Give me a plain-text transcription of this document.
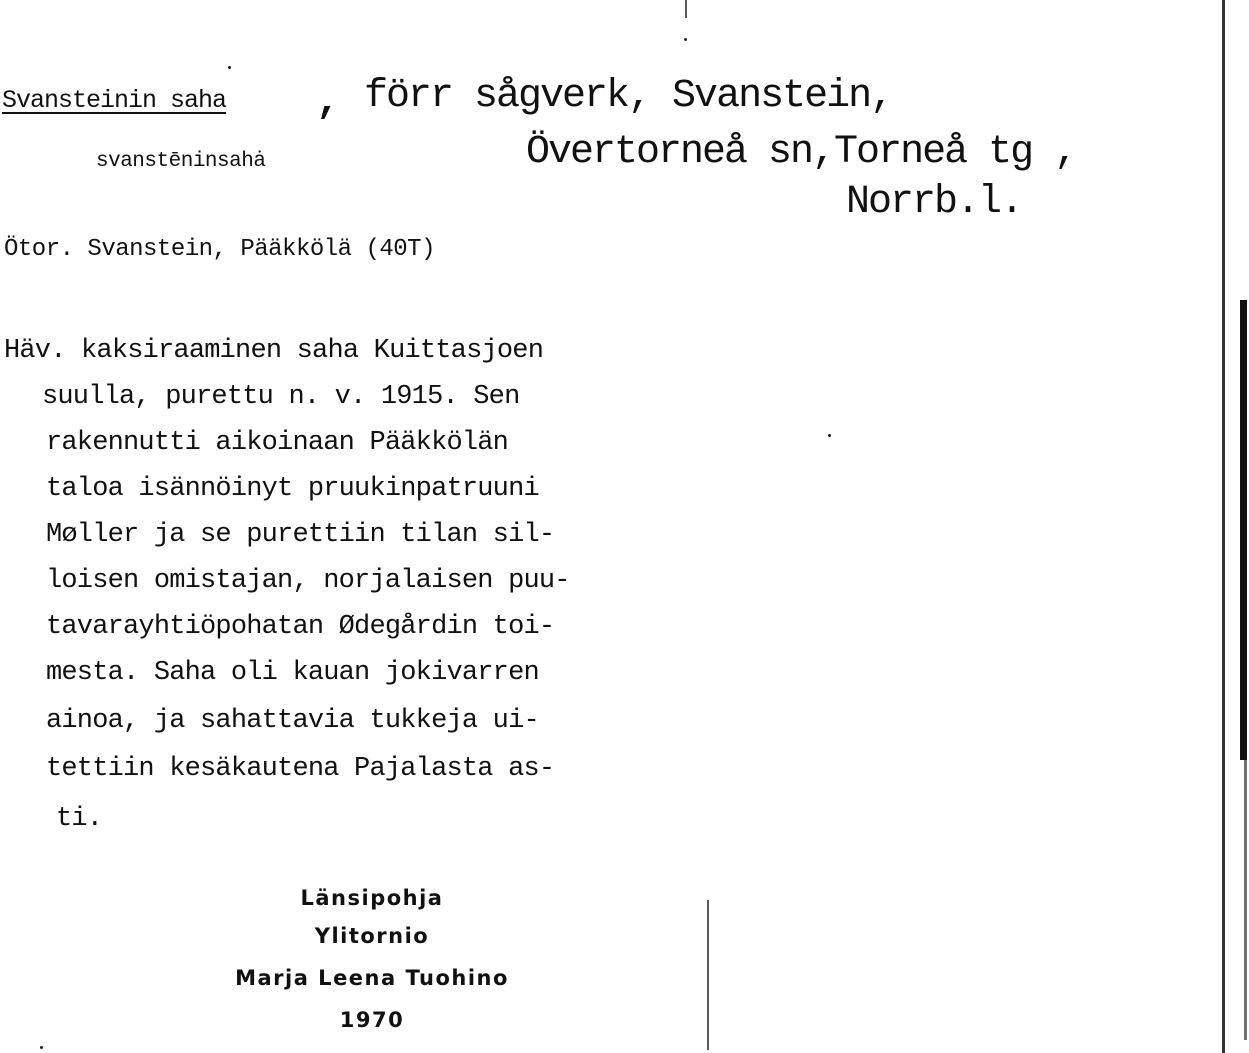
Svansteinin saha ,
svanstēninsahȧ
förr sågverk, Svanstein,
Övertorneå sn,Torneå tg ,
Norrb.l.
Ötor. Svanstein, Pääkkölä (40T)
Häv. kaksiraaminen saha Kuittasjoen
suulla, purettu n. v. 1915. Sen
rakennutti aikoinaan Pääkkölän
taloa isännöinyt pruukinpatruuni
Møller ja se purettiin tilan sil-
loisen omistajan, norjalaisen puu-
tavarayhtiöpohatan Ødegårdin toi-
mesta. Saha oli kauan jokivarren
ainoa, ja sahattavia tukkeja ui-
tettiin kesäkautena Pajalasta as-
ti.
Länsipohja
Ylitornio
Marja Leena Tuohino
1970
